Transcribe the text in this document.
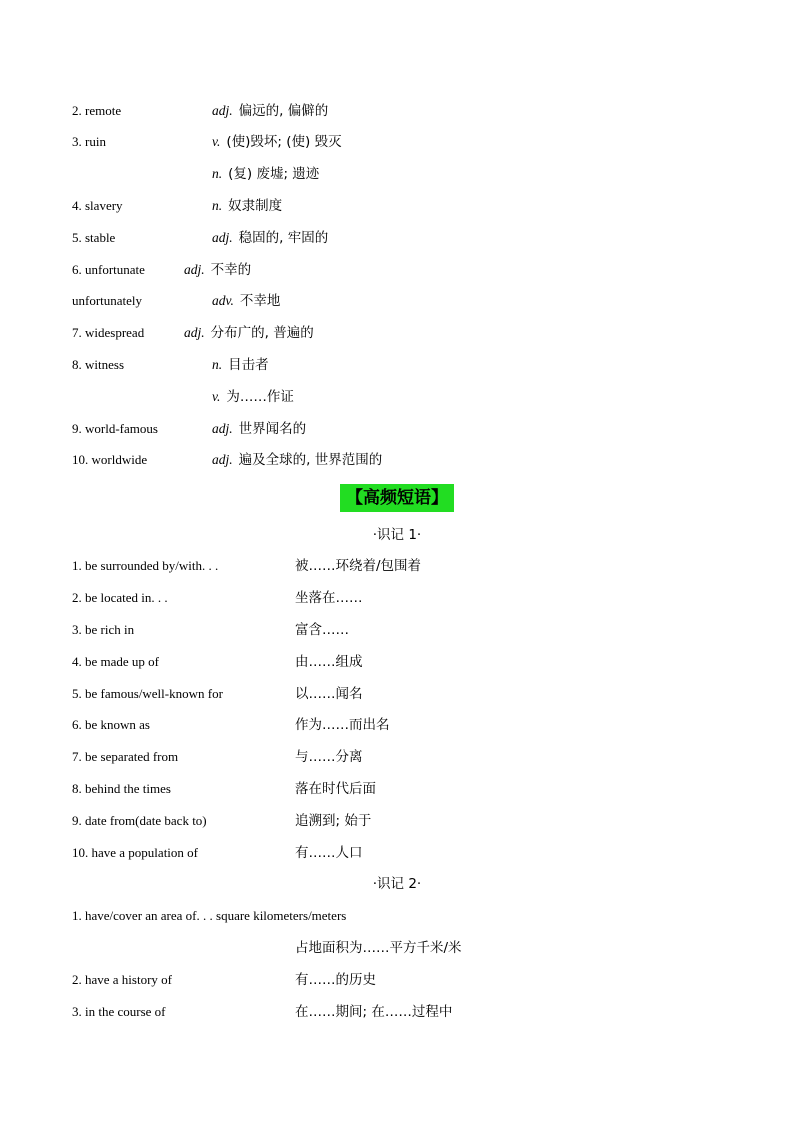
2. remote	adj. 偏远的, 偏僻的
3. ruin	v. (使)毁坏; (使) 毁灭
n. (复) 废墟; 遗迹
4. slavery	n. 奴隶制度
5. stable	adj. 稳固的, 牢固的
6. unfortunate	adj. 不幸的
unfortunately	adv. 不幸地
7. widespread	adj. 分布广的, 普遍的
8. witness	n. 目击者
v. 为……作证
9. world-famous	adj. 世界闻名的
10. worldwide	adj. 遍及全球的, 世界范围的
【高频短语】
·识记 1·
1. be surrounded by/with. . .	被……环绕着/包围着
2. be located in. . .	坐落在……
3. be rich in	富含……
4. be made up of	由……组成
5. be famous/well-known for	以……闻名
6. be known as	作为……而出名
7. be separated from	与……分离
8. behind the times	落在时代后面
9. date from(date back to)	追溯到; 始于
10. have a population of	有……人口
·识记 2·
1. have/cover an area of. . . square kilometers/meters
占地面积为……平方千米/米
2. have a history of	有……的历史
3. in the course of	在……期间; 在……过程中
